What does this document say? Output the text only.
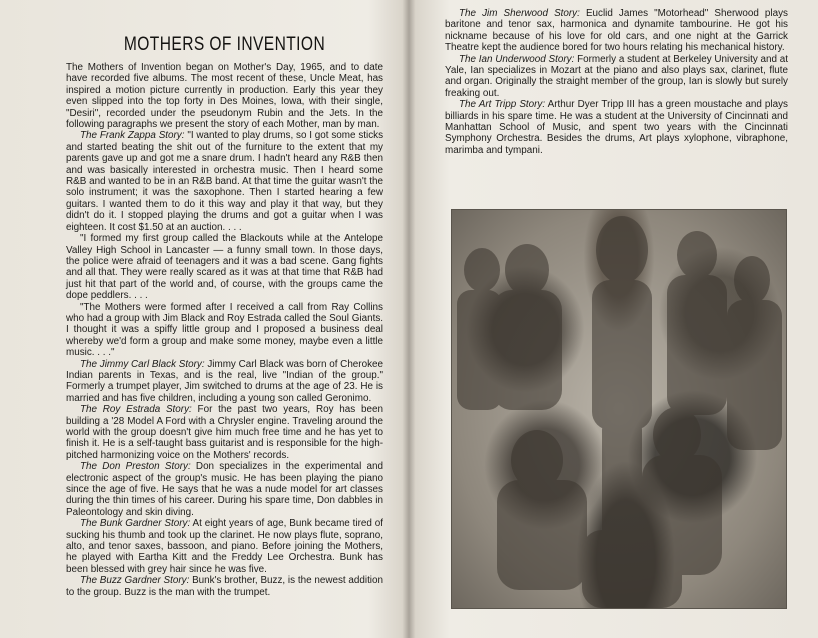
MOTHERS OF INVENTION

The Mothers of Invention began on Mother's Day, 1965, and to date have recorded five albums. The most recent of these, Uncle Meat, has inspired a motion picture currently in production. Early this year they even slipped into the top forty in Des Moines, Iowa, with their single, "Desiri", recorded under the pseudonym Rubin and the Jets. In the following paragraphs we present the story of each Mother, man by man.

The Frank Zappa Story: "I wanted to play drums, so I got some sticks and started beating the shit out of the furniture to the extent that my parents gave up and got me a snare drum. I hadn't heard any R&B then and was basically interested in orchestra music. Then I heard some R&B and wanted to be in an R&B band. At that time the guitar wasn't the solo instrument; it was the saxophone. Then I started hearing a few guitars. I wanted them to do it this way and play it that way, but they didn't do it. I stopped playing the drums and got a guitar when I was eighteen. It cost $1.50 at an auction. . . .

"I formed my first group called the Blackouts while at the Antelope Valley High School in Lancaster — a funny small town. In those days, the police were afraid of teenagers and it was a bad scene. Gang fights and all that. They were really scared as it was at that time that R&B had just hit that part of the world and, of course, with the groups came the dope peddlers. . . .

"The Mothers were formed after I received a call from Ray Collins who had a group with Jim Black and Roy Estrada called the Soul Giants. I thought it was a spiffy little group and I proposed a business deal whereby we'd form a group and make some money, maybe even a little music. . . ."

The Jimmy Carl Black Story: Jimmy Carl Black was born of Cherokee Indian parents in Texas, and is the real, live "Indian of the group." Formerly a trumpet player, Jim switched to drums at the age of 23. He is married and has five children, including a young son called Geronimo.

The Roy Estrada Story: For the past two years, Roy has been building a '28 Model A Ford with a Chrysler engine. Traveling around the world with the group doesn't give him much free time and he has yet to finish it. He is a self-taught bass guitarist and is responsible for the high-pitched harmonizing voice on the Mothers' records.

The Don Preston Story: Don specializes in the experimental and electronic aspect of the group's music. He has been playing the piano since the age of five. He says that he was a nude model for art classes during the thin times of his career. During his spare time, Don dabbles in Paleontology and skin diving.

The Bunk Gardner Story: At eight years of age, Bunk became tired of sucking his thumb and took up the clarinet. He now plays flute, soprano, alto, and tenor saxes, bassoon, and piano. Before joining the Mothers, he played with Eartha Kitt and the Freddy Lee Orchestra. Bunk has been blessed with grey hair since he was five.

The Buzz Gardner Story: Bunk's brother, Buzz, is the newest addition to the group. Buzz is the man with the trumpet.

The Jim Sherwood Story: Euclid James "Motorhead" Sherwood plays baritone and tenor sax, harmonica and dynamite tambourine. He got his nickname because of his love for old cars, and one night at the Garrick Theatre kept the audience bored for two hours relating his mechanical history.

The Ian Underwood Story: Formerly a student at Berkeley University and at Yale, Ian specializes in Mozart at the piano and also plays sax, clarinet, flute and organ. Originally the straight member of the group, Ian is slowly but surely freaking out.

The Art Tripp Story: Arthur Dyer Tripp III has a green moustache and plays billiards in his spare time. He was a student at the University of Cincinnati and Manhattan School of Music, and spent two years with the Cincinnati Symphony Orchestra. Besides the drums, Art plays xylophone, vibraphone, marimba and tympani.
